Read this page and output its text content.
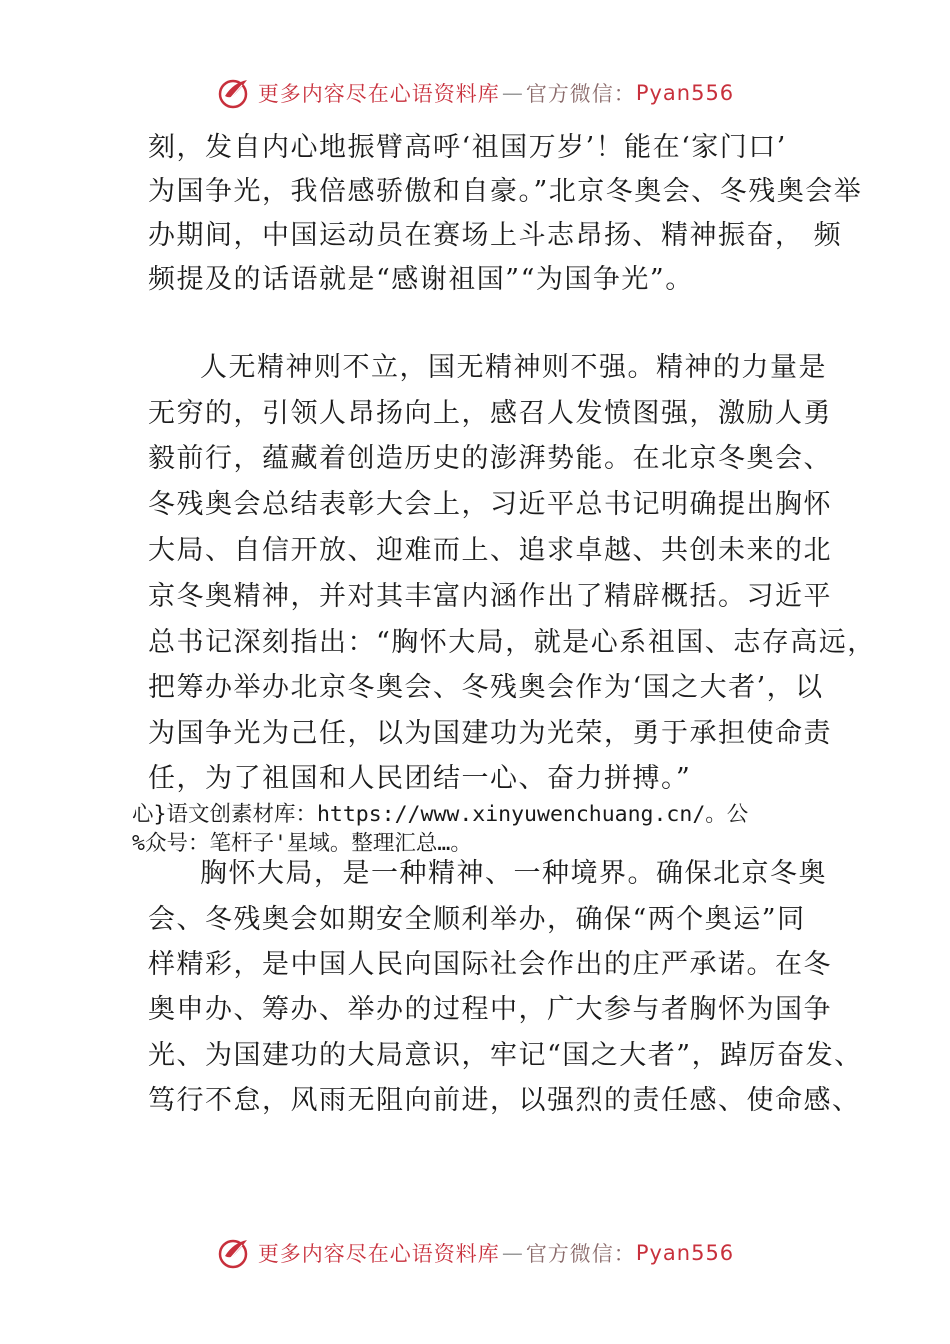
更多内容尽在心语资料库 — 官方微信： Pyan556
刻，发自内心地振臂高呼‘祖国万岁’！能在‘家门口’
为国争光，我倍感骄傲和自豪。”北京冬奥会、冬残奥会举
办期间，中国运动员在赛场上斗志昂扬、精神振奋， 频
频提及的话语就是“感谢祖国”“为国争光”。
人无精神则不立，国无精神则不强。精神的力量是
无穷的，引领人昂扬向上，感召人发愤图强，激励人勇
毅前行，蕴藏着创造历史的澎湃势能。在北京冬奥会、
冬残奥会总结表彰大会上，习近平总书记明确提出胸怀
大局、自信开放、迎难而上、追求卓越、共创未来的北
京冬奥精神，并对其丰富内涵作出了精辟概括。习近平
总书记深刻指出：“胸怀大局，就是心系祖国、志存高远，
把筹办举办北京冬奥会、冬残奥会作为‘国之大者’，以
为国争光为己任，以为国建功为光荣，勇于承担使命责
任，为了祖国和人民团结一心、奋力拼搏。”
心}语文创素材库：https://www.xinyuwenchuang.cn/。公
%众号：笔杆子'星域。整理汇总…。
胸怀大局，是一种精神、一种境界。确保北京冬奥
会、冬残奥会如期安全顺利举办，确保“两个奥运”同
样精彩，是中国人民向国际社会作出的庄严承诺。在冬
奥申办、筹办、举办的过程中，广大参与者胸怀为国争
光、为国建功的大局意识，牢记“国之大者”，踔厉奋发、
笃行不怠，风雨无阻向前进，以强烈的责任感、使命感、
更多内容尽在心语资料库 — 官方微信： Pyan556
